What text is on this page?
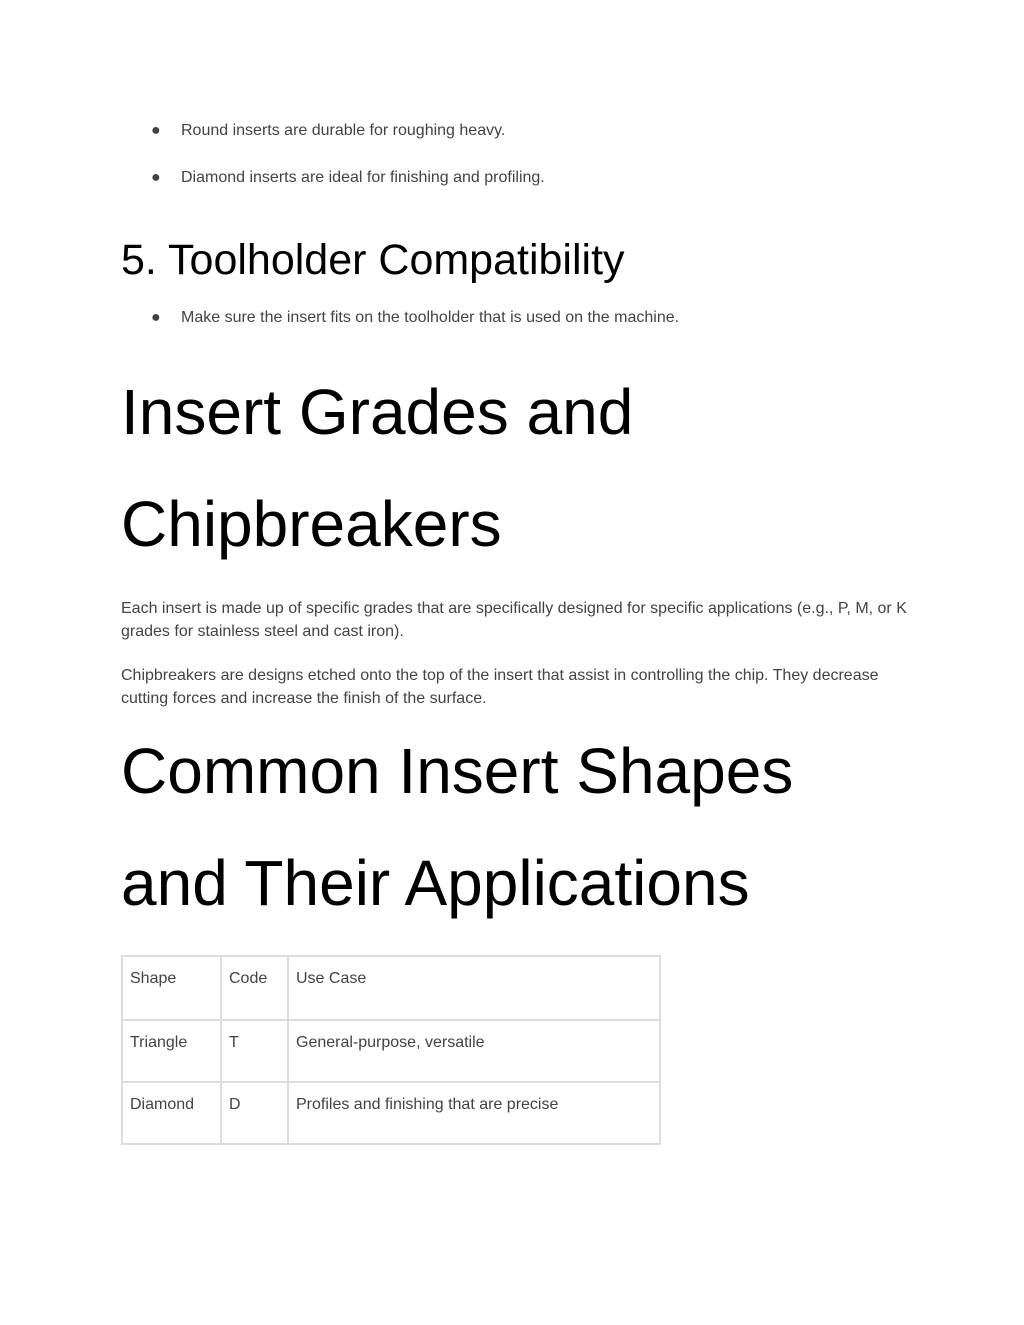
● Round inserts are durable for roughing heavy.
● Diamond inserts are ideal for finishing and profiling.
5. Toolholder Compatibility
● Make sure the insert fits on the toolholder that is used on the machine.
Insert Grades and Chipbreakers

Each insert is made up of specific grades that are specifically designed for specific applications (e.g., P, M, or K grades for stainless steel and cast iron).

Chipbreakers are designs etched onto the top of the insert that assist in controlling the chip. They decrease cutting forces and increase the finish of the surface.

Common Insert Shapes and Their Applications
Shape	Code	Use Case
Triangle	T	General-purpose, versatile
Diamond	D	Profiles and finishing that are precise
